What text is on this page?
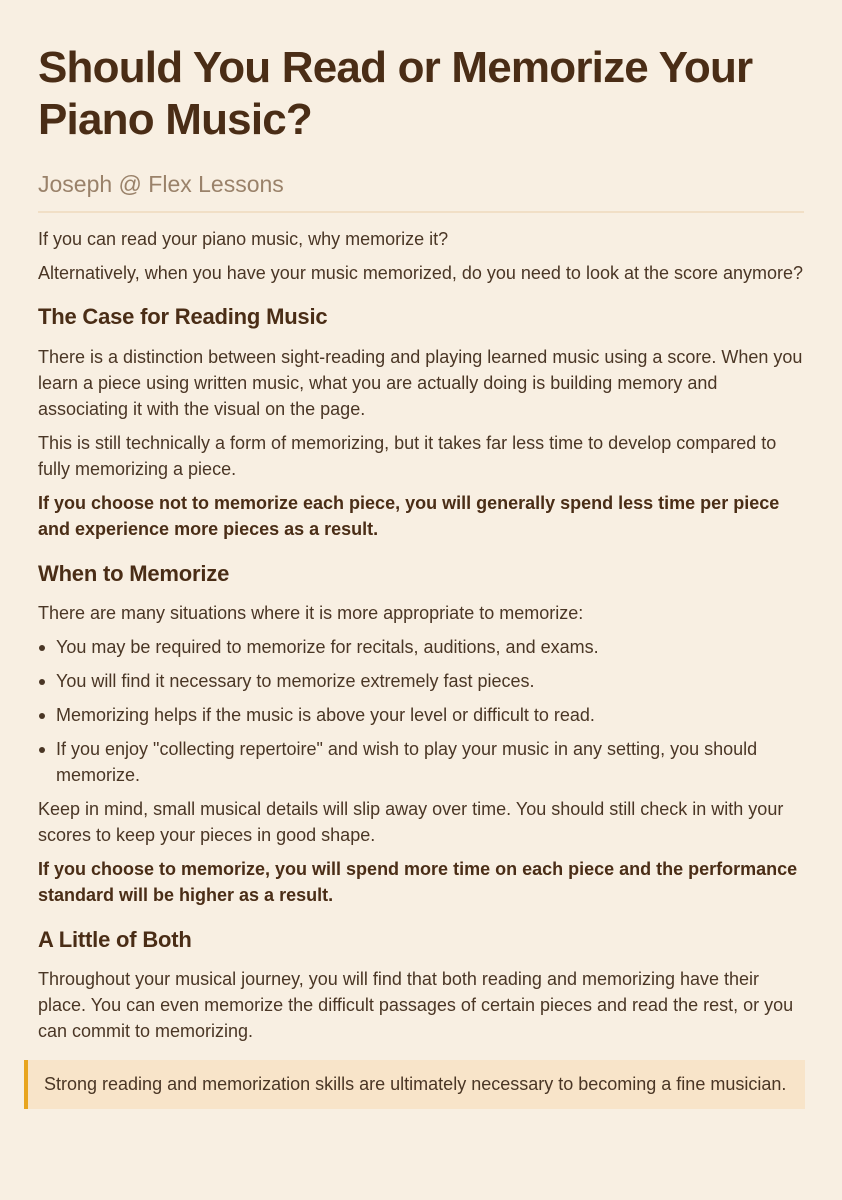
Should You Read or Memorize Your Piano Music?
Joseph @ Flex Lessons

If you can read your piano music, why memorize it?

Alternatively, when you have your music memorized, do you need to look at the score anymore?

The Case for Reading Music

There is a distinction between sight-reading and playing learned music using a score. When you learn a piece using written music, what you are actually doing is building memory and associating it with the visual on the page.

This is still technically a form of memorizing, but it takes far less time to develop compared to fully memorizing a piece.

If you choose not to memorize each piece, you will generally spend less time per piece and experience more pieces as a result.

When to Memorize

There are many situations where it is more appropriate to memorize:

You may be required to memorize for recitals, auditions, and exams.
You will find it necessary to memorize extremely fast pieces.
Memorizing helps if the music is above your level or difficult to read.
If you enjoy "collecting repertoire" and wish to play your music in any setting, you should memorize.

Keep in mind, small musical details will slip away over time. You should still check in with your scores to keep your pieces in good shape.

If you choose to memorize, you will spend more time on each piece and the performance standard will be higher as a result.

A Little of Both

Throughout your musical journey, you will find that both reading and memorizing have their place. You can even memorize the difficult passages of certain pieces and read the rest, or you can commit to memorizing.

Strong reading and memorization skills are ultimately necessary to becoming a fine musician.
